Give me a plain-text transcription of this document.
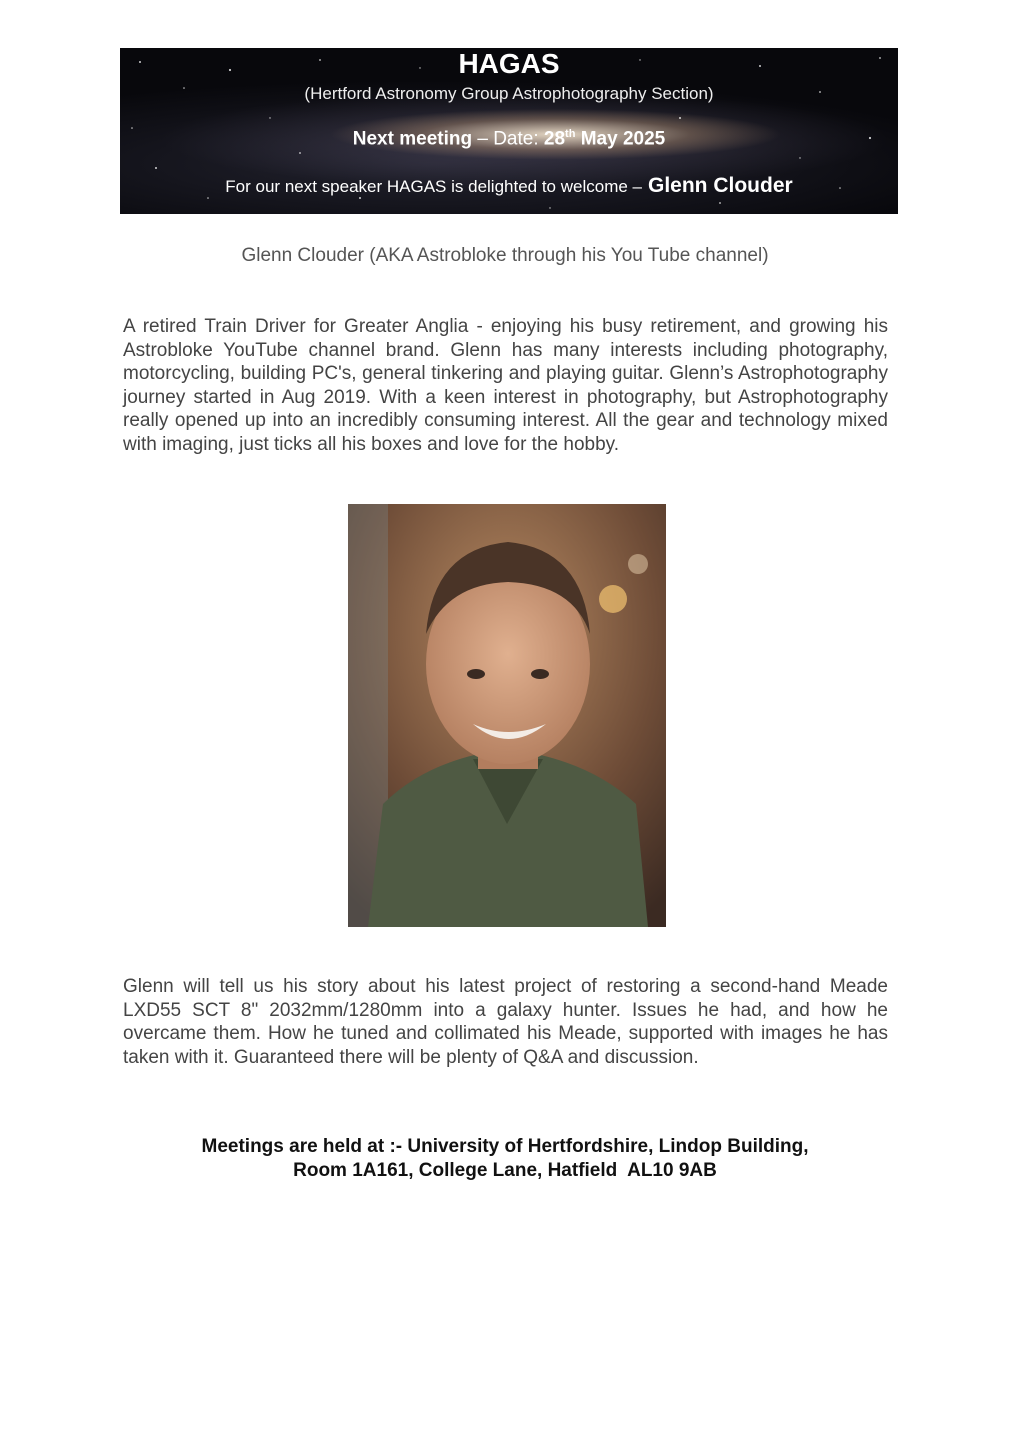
HAGAS
(Hertford Astronomy Group Astrophotography Section)
Next meeting – Date: 28th May 2025
For our next speaker HAGAS is delighted to welcome – Glenn Clouder
Glenn Clouder (AKA Astrobloke through his You Tube channel)
A retired Train Driver for Greater Anglia - enjoying his busy retirement, and growing his Astrobloke YouTube channel brand. Glenn has many interests including photography, motorcycling, building PC's, general tinkering and playing guitar. Glenn’s Astrophotography journey started in Aug 2019. With a keen interest in photography, but Astrophotography really opened up into an incredibly consuming interest. All the gear and technology mixed with imaging, just ticks all his boxes and love for the hobby.
Glenn will tell us his story about his latest project of restoring a second-hand Meade LXD55 SCT 8" 2032mm/1280mm into a galaxy hunter. Issues he had, and how he overcame them. How he tuned and collimated his Meade, supported with images he has taken with it. Guaranteed there will be plenty of Q&A and discussion.
Meetings are held at :- University of Hertfordshire, Lindop Building,
Room 1A161, College Lane, Hatfield  AL10 9AB
